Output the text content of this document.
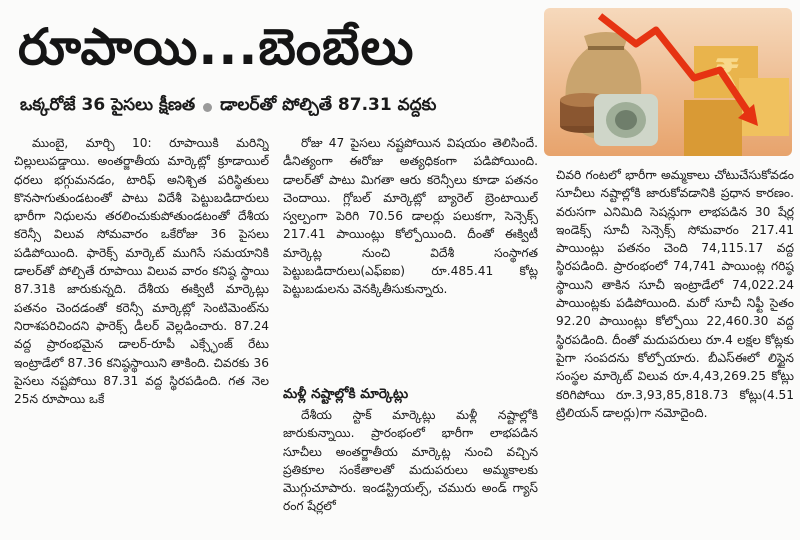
రూపాయి...బెంబేలు
ఒక్కరోజే 36 పైసలు క్షీణత డాలర్‌తో పోల్చితే 87.31 వద్దకు
₹

ముంబై, మార్చి 10: రూపాయికి మరిన్ని చిల్లులుపడ్డాయి. అంతర్జాతీయ మార్కెట్లో క్రూడాయిల్ ధరలు భగ్గుమనడం, టారిఫ్ అనిశ్చిత పరిస్థితులు కొనసాగుతుండటంతో పాటు విదేశీ పెట్టుబడిదారులు భారీగా నిధులను తరలించుకుపోతుండటంతో దేశీయ కరెన్సీ విలువ సోమవారం ఒకేరోజు 36 పైసలు పడిపోయింది. ఫారెక్స్ మార్కెట్ ముగిసే సమయానికి డాలర్‌తో పోల్చితే రూపాయి విలువ వారం కనిష్ఠ స్థాయి 87.31కి జారుకున్నది. దేశీయ ఈక్విటీ మార్కెట్లు పతనం చెందడంతో కరెన్సీ మార్కెట్లో సెంటిమెంట్‌ను నిరాశపరిచిందని ఫారెక్స్ డీలర్ వెల్లడించారు. 87.24 వద్ద ప్రారంభమైన డాలర్-రూపీ ఎక్స్ఛేంజ్ రేటు ఇంట్రాడేలో 87.36 కనిష్ఠస్థాయిని తాకింది. చివరకు 36 పైసలు నష్టపోయి 87.31 వద్ద స్థిరపడింది. గత నెల 25న రూపాయి ఒకే

రోజు 47 పైసలు నష్టపోయిన విషయం తెలిసిందే. డీనిత్యంగా ఈరోజు అత్యధికంగా పడిపోయింది. డాలర్‌తో పాటు మిగతా ఆరు కరెన్సీలు కూడా పతనం చెందాయి. గ్లోబల్ మార్కెట్లో బ్యారెల్ బ్రెంటాయిల్ స్వల్పంగా పెరిగి 70.56 డాలర్లు పలుకగా, సెన్సెక్స్ 217.41 పాయింట్లు కోల్పోయింది. దీంతో ఈక్విటీ మార్కెట్ల నుంచి విదేశీ సంస్థాగత పెట్టుబడిదారులు(ఎఫ్ఐఐ) రూ.485.41 కోట్ల పెట్టుబడులను వెనక్కితీసుకున్నారు.

మళ్లీ నష్టాల్లోకి మార్కెట్లు

దేశీయ స్టాక్ మార్కెట్లు మళ్లీ నష్టాల్లోకి జారుకున్నాయి. ప్రారంభంలో భారీగా లాభపడిన సూచీలు అంతర్జాతీయ మార్కెట్ల నుంచి వచ్చిన ప్రతికూల సంకేతాలతో మదుపరులు అమ్మకాలకు మొగ్గుచూపారు. ఇండస్ట్రియల్స్, చమురు అండ్ గ్యాస్ రంగ షేర్లలో

చివరి గంటలో భారీగా అమ్మకాలు చోటుచేసుకోవడం సూచీలు నష్టాల్లోకి జారుకోవడానికి ప్రధాన కారణం. వరుసగా ఎనిమిది సెషన్లుగా లాభపడిన 30 షేర్ల ఇండెక్స్ సూచీ సెన్సెక్స్ సోమవారం 217.41 పాయింట్లు పతనం చెంది 74,115.17 వద్ద స్థిరపడింది. ప్రారంభంలో 74,741 పాయింట్ల గరిష్ఠ స్థాయిని తాకిన సూచీ ఇంట్రాడేలో 74,022.24 పాయింట్లకు పడిపోయింది. మరో సూచీ నిఫ్టీ సైతం 92.20 పాయింట్లు కోల్పోయి 22,460.30 వద్ద స్థిరపడింది. దీంతో మదుపరులు రూ.4 లక్షల కోట్లకు పైగా సంపదను కోల్పోయారు. బీఎస్ఈలో లిస్టైన సంస్థల మార్కెట్ విలువ రూ.4,43,269.25 కోట్లు కరిగిపోయి రూ.3,93,85,818.73 కోట్లు(4.51 ట్రిలియన్ డాలర్లు)గా నమోదైంది.
